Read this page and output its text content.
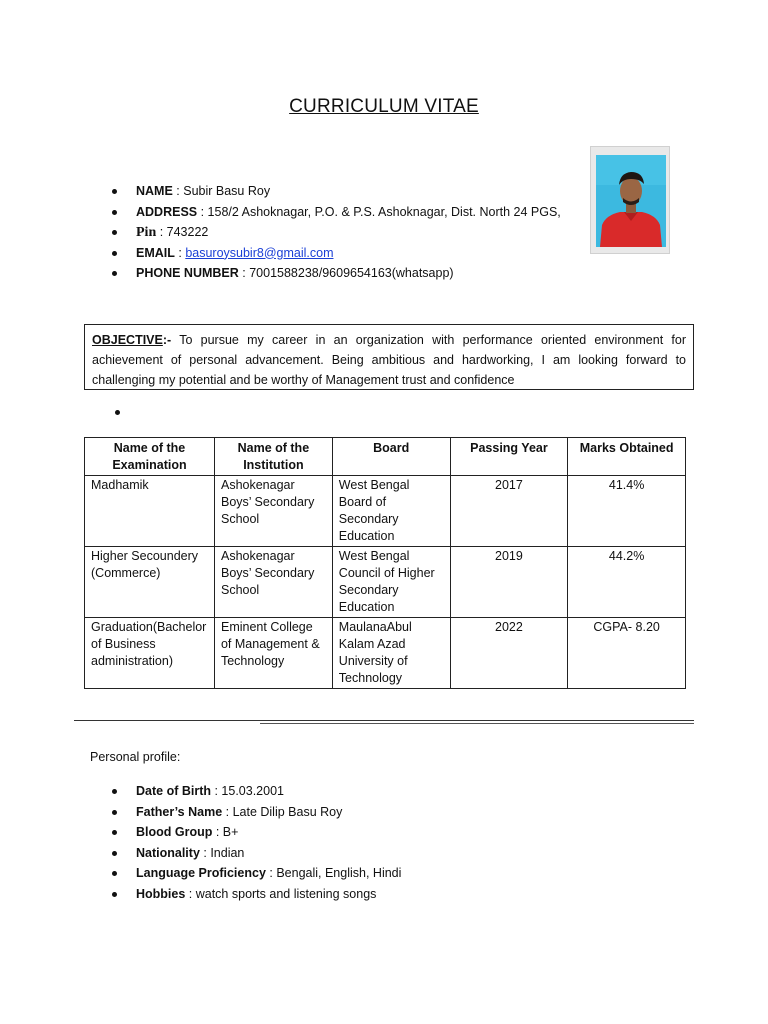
CURRICULUM VITAE
NAME : Subir Basu Roy
ADDRESS : 158/2 Ashoknagar, P.O. & P.S. Ashoknagar, Dist. North 24 PGS,
Pin : 743222
EMAIL : basuroysubir8@gmail.com
PHONE NUMBER : 7001588238/9609654163(whatsapp)
OBJECTIVE:- To pursue my career in an organization with performance oriented environment for achievement of personal advancement. Being ambitious and hardworking, I am looking forward to challenging my potential and be worthy of Management trust and confidence
Name of the Examination	Name of the Institution	Board	Passing Year	Marks Obtained
Madhamik	Ashokenagar Boys’ Secondary School	West Bengal Board of Secondary Education	2017	41.4%
Higher Secoundery (Commerce)	Ashokenagar Boys’ Secondary School	West Bengal Council of Higher Secondary Education	2019	44.2%
Graduation(Bachelor of Business administration)	Eminent College of Management & Technology	MaulanaAbul Kalam Azad University of Technology	2022	CGPA- 8.20
Personal profile:
Date of Birth : 15.03.2001
Father’s Name : Late Dilip Basu Roy
Blood Group : B+
Nationality : Indian
Language Proficiency : Bengali, English, Hindi
Hobbies : watch sports and listening songs
